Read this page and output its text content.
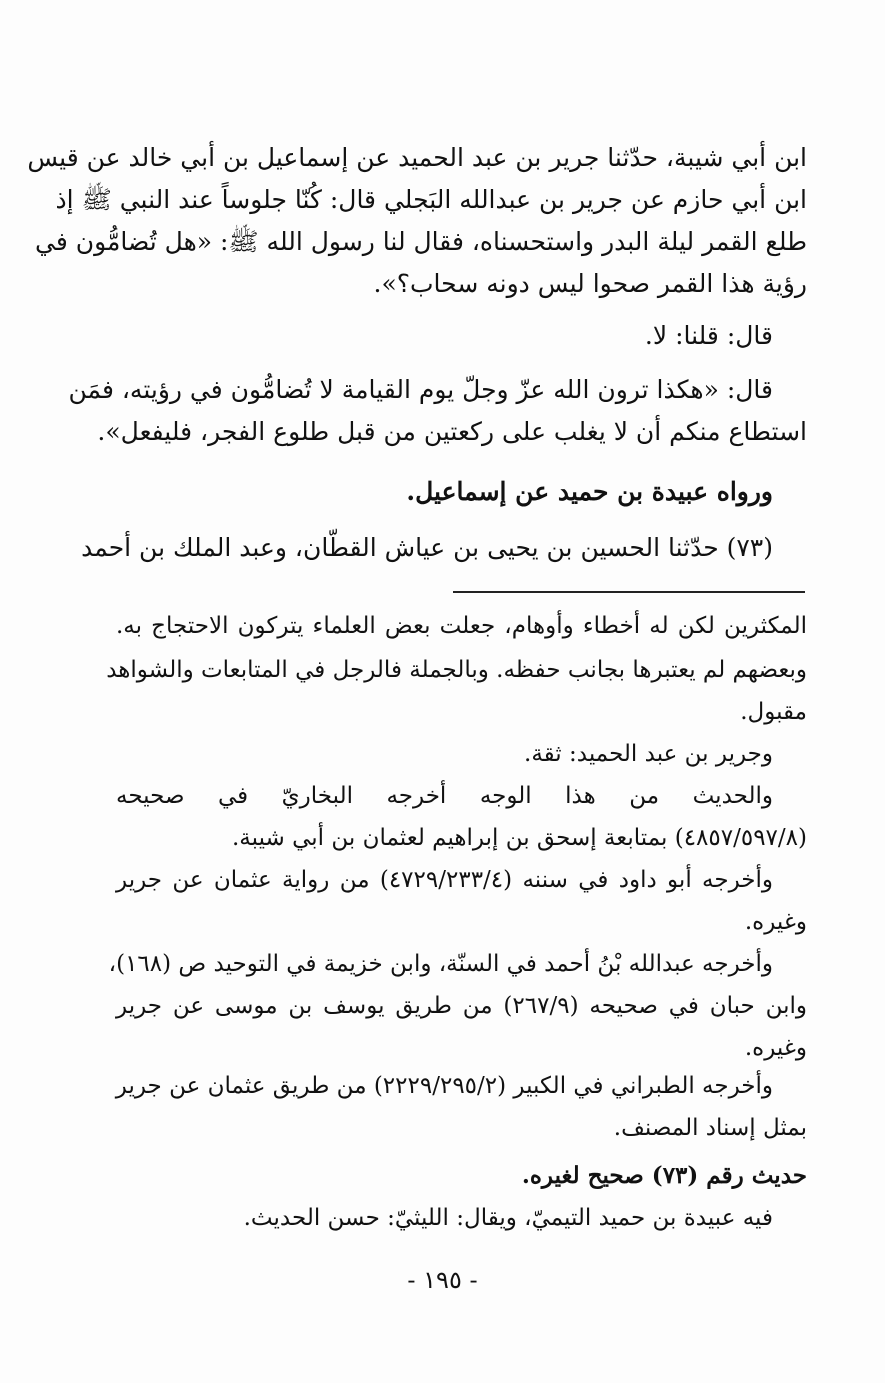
ابن أبي شيبة، حدّثنا جرير بن عبد الحميد عن إسماعيل بن أبي خالد عن قيس
ابن أبي حازم عن جرير بن عبدالله البَجلي قال: كُنّا جلوساً عند النبي ﷺ إذ
طلع القمر ليلة البدر واستحسناه، فقال لنا رسول الله ﷺ: «هل تُضامُّون في
رؤية هذا القمر صحوا ليس دونه سحاب؟».
قال: قلنا: لا.
قال: «هكذا ترون الله عزّ وجلّ يوم القيامة لا تُضامُّون في رؤيته، فمَن
استطاع منكم أن لا يغلب على ركعتين من قبل طلوع الفجر، فليفعل».
ورواه عبيدة بن حميد عن إسماعيل.
(٧٣) حدّثنا الحسين بن يحيى بن عياش القطّان، وعبد الملك بن أحمد
المكثرين لكن له أخطاء وأوهام، جعلت بعض العلماء يتركون الاحتجاج به.
وبعضهم لم يعتبرها بجانب حفظه. وبالجملة فالرجل في المتابعات والشواهد
مقبول.
وجرير بن عبد الحميد: ثقة.
والحديث من هذا الوجه أخرجه البخاريّ في صحيحه
(٤٨٥٧/٥٩٧/٨) بمتابعة إسحق بن إبراهيم لعثمان بن أبي شيبة.
وأخرجه أبو داود في سننه (٤٧٢٩/٢٣٣/٤) من رواية عثمان عن جرير
وغيره.
وأخرجه عبدالله بْنُ أحمد في السنّة، وابن خزيمة في التوحيد ص (١٦٨)،
وابن حبان في صحيحه (٢٦٧/٩) من طريق يوسف بن موسى عن جرير
وغيره.
وأخرجه الطبراني في الكبير (٢٢٢٩/٢٩٥/٢) من طريق عثمان عن جرير
بمثل إسناد المصنف.
حديث رقم (٧٣) صحيح لغيره.
فيه عبيدة بن حميد التيميّ، ويقال: الليثيّ: حسن الحديث.
- ١٩٥ -
